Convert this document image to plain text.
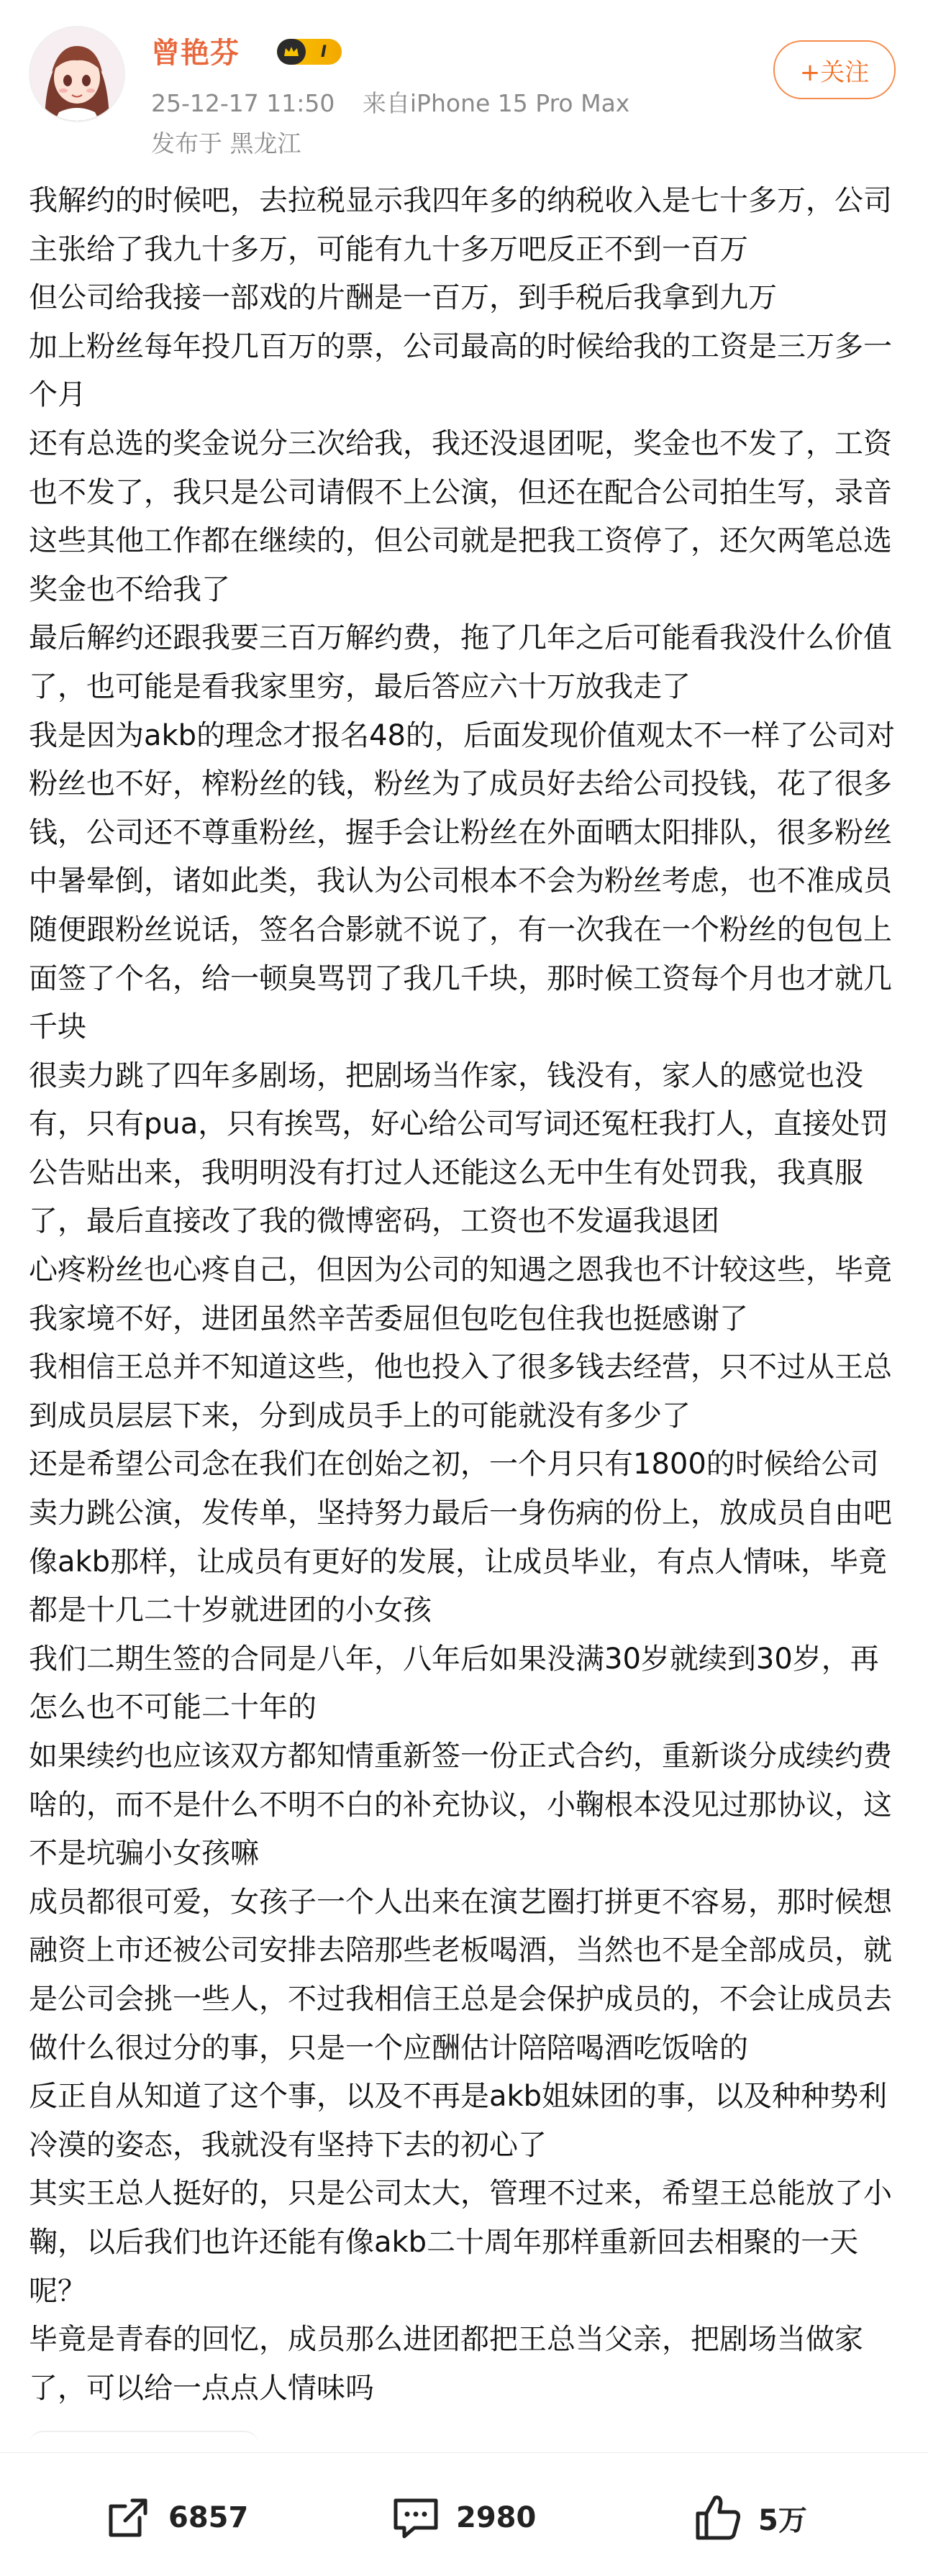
曾艳芬	I
25-12-17 11:50 来自iPhone 15 Pro Max
发布于 黑龙江
+关注

我解约的时候吧，去拉税显示我四年多的纳税收入是七十多万，公司主张给了我九十多万，可能有九十多万吧反正不到一百万

但公司给我接一部戏的片酬是一百万，到手税后我拿到九万

加上粉丝每年投几百万的票，公司最高的时候给我的工资是三万多一个月

还有总选的奖金说分三次给我，我还没退团呢，奖金也不发了，工资也不发了，我只是公司请假不上公演，但还在配合公司拍生写，录音这些其他工作都在继续的，但公司就是把我工资停了，还欠两笔总选奖金也不给我了

最后解约还跟我要三百万解约费，拖了几年之后可能看我没什么价值了，也可能是看我家里穷，最后答应六十万放我走了

我是因为akb的理念才报名48的，后面发现价值观太不一样了公司对粉丝也不好，榨粉丝的钱，粉丝为了成员好去给公司投钱，花了很多钱，公司还不尊重粉丝，握手会让粉丝在外面晒太阳排队，很多粉丝中暑晕倒，诸如此类，我认为公司根本不会为粉丝考虑，也不准成员随便跟粉丝说话，签名合影就不说了，有一次我在一个粉丝的包包上面签了个名，给一顿臭骂罚了我几千块，那时候工资每个月也才就几千块

很卖力跳了四年多剧场，把剧场当作家，钱没有，家人的感觉也没有，只有pua，只有挨骂，好心给公司写词还冤枉我打人，直接处罚公告贴出来，我明明没有打过人还能这么无中生有处罚我，我真服了，最后直接改了我的微博密码，工资也不发逼我退团

心疼粉丝也心疼自己，但因为公司的知遇之恩我也不计较这些，毕竟我家境不好，进团虽然辛苦委屈但包吃包住我也挺感谢了

我相信王总并不知道这些，他也投入了很多钱去经营，只不过从王总到成员层层下来，分到成员手上的可能就没有多少了

还是希望公司念在我们在创始之初，一个月只有1800的时候给公司卖力跳公演，发传单，坚持努力最后一身伤病的份上，放成员自由吧

像akb那样，让成员有更好的发展，让成员毕业，有点人情味，毕竟都是十几二十岁就进团的小女孩

我们二期生签的合同是八年，八年后如果没满30岁就续到30岁，再怎么也不可能二十年的

如果续约也应该双方都知情重新签一份正式合约，重新谈分成续约费啥的，而不是什么不明不白的补充协议，小鞠根本没见过那协议，这不是坑骗小女孩嘛

成员都很可爱，女孩子一个人出来在演艺圈打拼更不容易，那时候想融资上市还被公司安排去陪那些老板喝酒，当然也不是全部成员，就是公司会挑一些人，不过我相信王总是会保护成员的，不会让成员去做什么很过分的事，只是一个应酬估计陪陪喝酒吃饭啥的

反正自从知道了这个事，以及不再是akb姐妹团的事，以及种种势利冷漠的姿态，我就没有坚持下去的初心了

其实王总人挺好的，只是公司太大，管理不过来，希望王总能放了小鞠，以后我们也许还能有像akb二十周年那样重新回去相聚的一天呢？

毕竟是青春的回忆，成员那么进团都把王总当父亲，把剧场当做家了，可以给一点点人情味吗

6857	2980	5万
